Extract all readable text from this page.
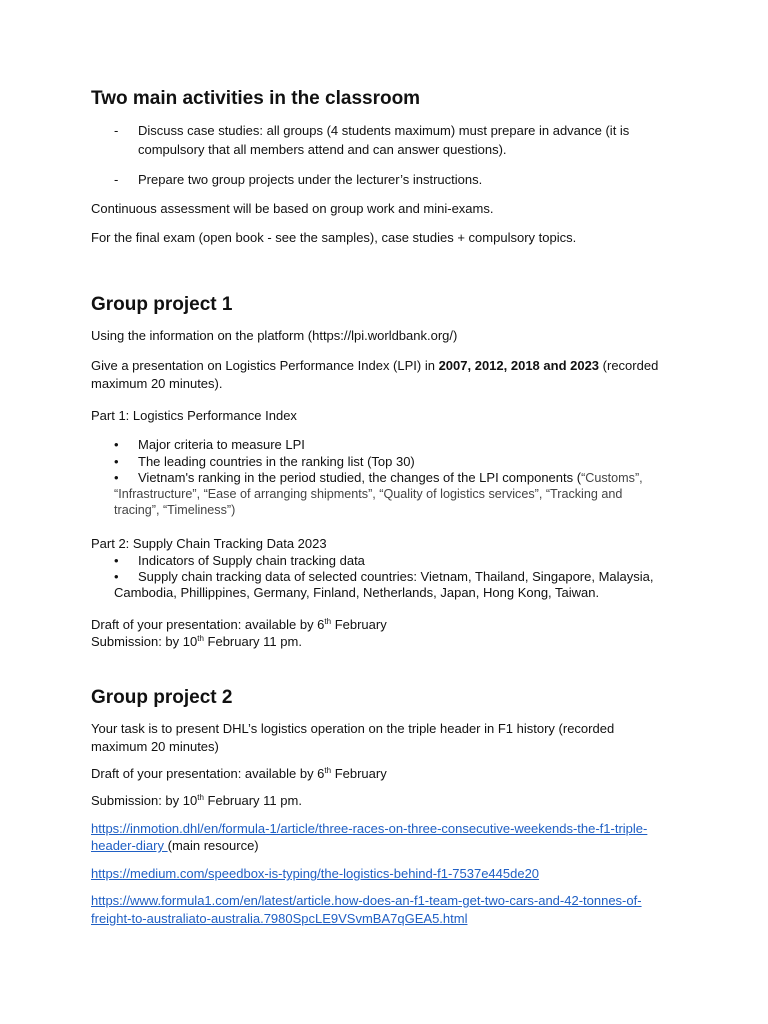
Two main activities in the classroom
- Discuss case studies: all groups (4 students maximum) must prepare in advance (it is
compulsory that all members attend and can answer questions).
- Prepare two group projects under the lecturer’s instructions.
Continuous assessment will be based on group work and mini-exams.
For the final exam (open book - see the samples), case studies + compulsory topics.
Group project 1
Using the information on the platform (https://lpi.worldbank.org/)
Give a presentation on Logistics Performance Index (LPI) in 2007, 2012, 2018 and 2023 (recorded
maximum 20 minutes).
Part 1: Logistics Performance Index
• Major criteria to measure LPI
• The leading countries in the ranking list (Top 30)
• Vietnam's ranking in the period studied, the changes of the LPI components (“Customs”,
“Infrastructure”, “Ease of arranging shipments”, “Quality of logistics services”, “Tracking and
tracing”, “Timeliness”)
Part 2: Supply Chain Tracking Data 2023
• Indicators of Supply chain tracking data
• Supply chain tracking data of selected countries: Vietnam, Thailand, Singapore, Malaysia,
Cambodia, Phillippines, Germany, Finland, Netherlands, Japan, Hong Kong, Taiwan.
Draft of your presentation: available by 6th February
Submission: by 10th February 11 pm.
Group project 2
Your task is to present DHL’s logistics operation on the triple header in F1 history (recorded
maximum 20 minutes)
Draft of your presentation: available by 6th February
Submission: by 10th February 11 pm.
https://inmotion.dhl/en/formula-1/article/three-races-on-three-consecutive-weekends-the-f1-triple-
header-diary (main resource)
https://medium.com/speedbox-is-typing/the-logistics-behind-f1-7537e445de20
https://www.formula1.com/en/latest/article.how-does-an-f1-team-get-two-cars-and-42-tonnes-of-
freight-to-australiato-australia.7980SpcLE9VSvmBA7qGEA5.html
